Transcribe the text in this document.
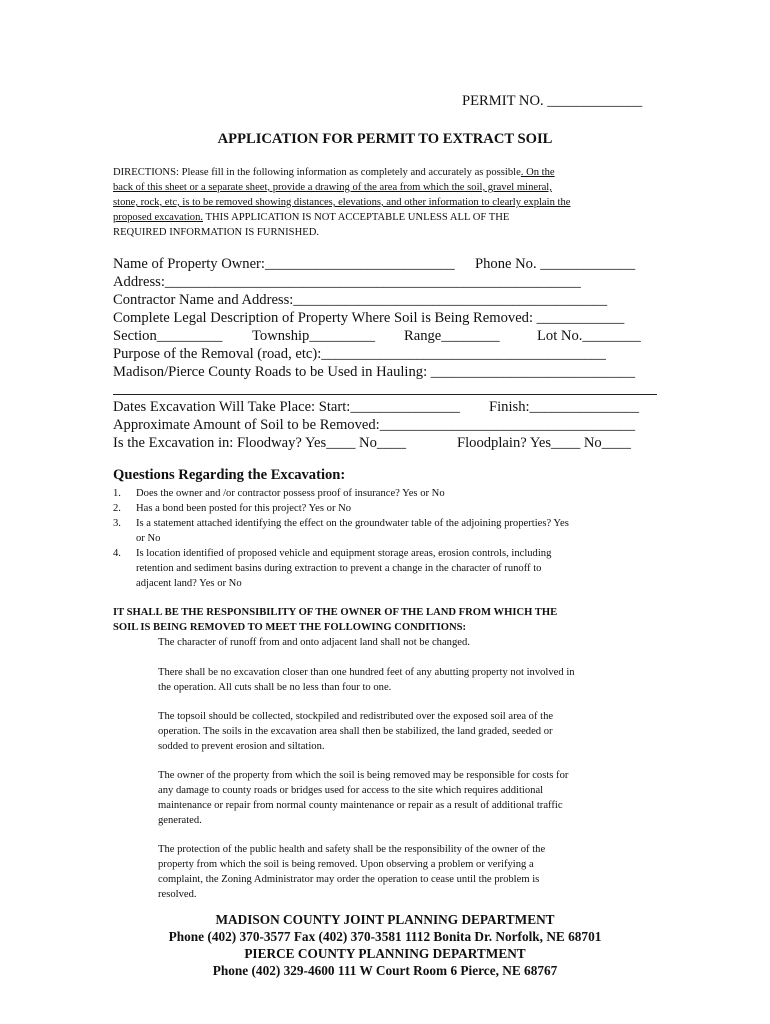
PERMIT NO. _____________
APPLICATION FOR PERMIT TO EXTRACT SOIL
DIRECTIONS: Please fill in the following information as completely and accurately as possible. On the
back of this sheet or a separate sheet, provide a drawing of the area from which the soil, gravel mineral,
stone, rock, etc, is to be removed showing distances, elevations, and other information to clearly explain the
proposed excavation. THIS APPLICATION IS NOT ACCEPTABLE UNLESS ALL OF THE
REQUIRED INFORMATION IS FURNISHED.
Name of Property Owner:__________________________ Phone No. _____________
Address:_________________________________________________________
Contractor Name and Address:___________________________________________
Complete Legal Description of Property Where Soil is Being Removed: ____________
Section_________ Township_________ Range________	Lot No.________
Purpose of the Removal (road, etc):_______________________________________
Madison/Pierce County Roads to be Used in Hauling: ____________________________
Dates Excavation Will Take Place: Start:_______________ Finish:_______________
Approximate Amount of Soil to be Removed:___________________________________
Is the Excavation in: Floodway? Yes____ No____	Floodplain? Yes____ No____
Questions Regarding the Excavation:
1. Does the owner and /or contractor possess proof of insurance? Yes or No
2. Has a bond been posted for this project? Yes or No
3. Is a statement attached identifying the effect on the groundwater table of the adjoining properties? Yes
or No
4. Is location identified of proposed vehicle and equipment storage areas, erosion controls, including
retention and sediment basins during extraction to prevent a change in the character of runoff to
adjacent land? Yes or No
IT SHALL BE THE RESPONSIBILITY OF THE OWNER OF THE LAND FROM WHICH THE
SOIL IS BEING REMOVED TO MEET THE FOLLOWING CONDITIONS:
The character of runoff from and onto adjacent land shall not be changed.
There shall be no excavation closer than one hundred feet of any abutting property not involved in
the operation. All cuts shall be no less than four to one.
The topsoil should be collected, stockpiled and redistributed over the exposed soil area of the
operation. The soils in the excavation area shall then be stabilized, the land graded, seeded or
sodded to prevent erosion and siltation.
The owner of the property from which the soil is being removed may be responsible for costs for
any damage to county roads or bridges used for access to the site which requires additional
maintenance or repair from normal county maintenance or repair as a result of additional traffic
generated.
The protection of the public health and safety shall be the responsibility of the owner of the
property from which the soil is being removed. Upon observing a problem or verifying a
complaint, the Zoning Administrator may order the operation to cease until the problem is
resolved.
MADISON COUNTY JOINT PLANNING DEPARTMENT
Phone (402) 370-3577 Fax (402) 370-3581 1112 Bonita Dr. Norfolk, NE 68701
PIERCE COUNTY PLANNING DEPARTMENT
Phone (402) 329-4600 111 W Court Room 6 Pierce, NE 68767
